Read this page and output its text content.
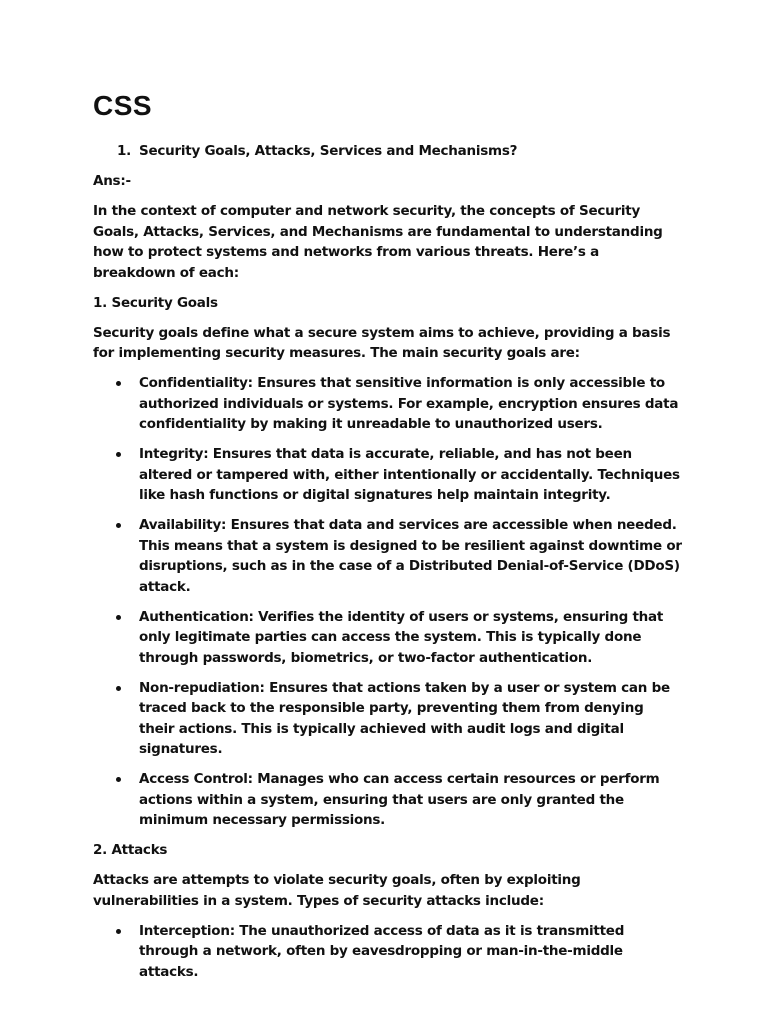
CSS
1. Security Goals, Attacks, Services and Mechanisms?

Ans:-

In the context of computer and network security, the concepts of Security Goals, Attacks, Services, and Mechanisms are fundamental to understanding how to protect systems and networks from various threats. Here’s a breakdown of each:

1. Security Goals

Security goals define what a secure system aims to achieve, providing a basis for implementing security measures. The main security goals are:

Confidentiality: Ensures that sensitive information is only accessible to authorized individuals or systems. For example, encryption ensures data confidentiality by making it unreadable to unauthorized users.
Integrity: Ensures that data is accurate, reliable, and has not been altered or tampered with, either intentionally or accidentally. Techniques like hash functions or digital signatures help maintain integrity.
Availability: Ensures that data and services are accessible when needed. This means that a system is designed to be resilient against downtime or disruptions, such as in the case of a Distributed Denial-of-Service (DDoS) attack.
Authentication: Verifies the identity of users or systems, ensuring that only legitimate parties can access the system. This is typically done through passwords, biometrics, or two-factor authentication.
Non-repudiation: Ensures that actions taken by a user or system can be traced back to the responsible party, preventing them from denying their actions. This is typically achieved with audit logs and digital signatures.
Access Control: Manages who can access certain resources or perform actions within a system, ensuring that users are only granted the minimum necessary permissions.

2. Attacks

Attacks are attempts to violate security goals, often by exploiting vulnerabilities in a system. Types of security attacks include:

Interception: The unauthorized access of data as it is transmitted through a network, often by eavesdropping or man-in-the-middle attacks.
